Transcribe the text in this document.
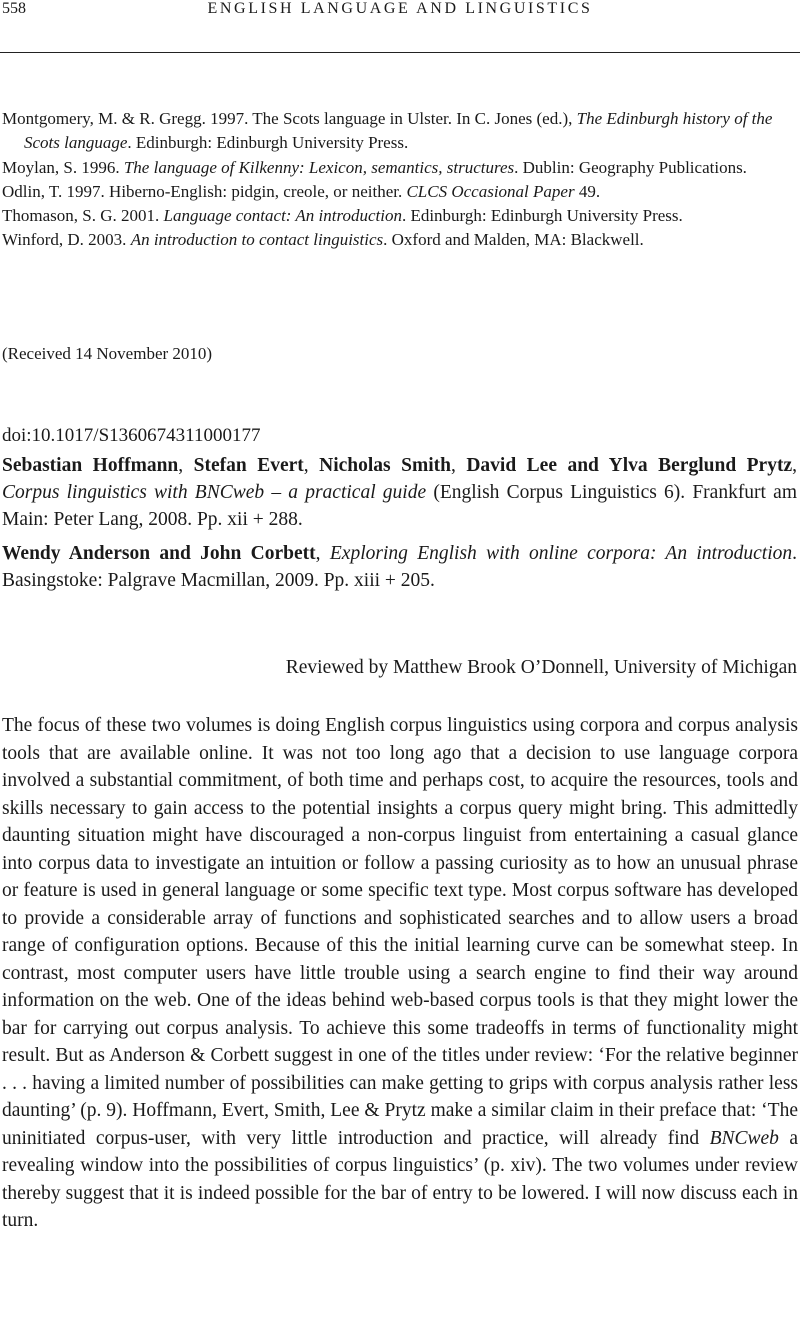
558	ENGLISH LANGUAGE AND LINGUISTICS

Montgomery, M. & R. Gregg. 1997. The Scots language in Ulster. In C. Jones (ed.), The Edinburgh history of the Scots language. Edinburgh: Edinburgh University Press.

Moylan, S. 1996. The language of Kilkenny: Lexicon, semantics, structures. Dublin: Geography Publications.

Odlin, T. 1997. Hiberno-English: pidgin, creole, or neither. CLCS Occasional Paper 49.

Thomason, S. G. 2001. Language contact: An introduction. Edinburgh: Edinburgh University Press.

Winford, D. 2003. An introduction to contact linguistics. Oxford and Malden, MA: Blackwell.

(Received 14 November 2010)
doi:10.1017/S1360674311000177
Sebastian Hoffmann, Stefan Evert, Nicholas Smith, David Lee and Ylva Berglund Prytz, Corpus linguistics with BNCweb – a practical guide (English Corpus Linguistics 6). Frankfurt am Main: Peter Lang, 2008. Pp. xii + 288.
Wendy Anderson and John Corbett, Exploring English with online corpora: An introduction. Basingstoke: Palgrave Macmillan, 2009. Pp. xiii + 205.
Reviewed by Matthew Brook O’Donnell, University of Michigan

The focus of these two volumes is doing English corpus linguistics using corpora and corpus analysis tools that are available online. It was not too long ago that a decision to use language corpora involved a substantial commitment, of both time and perhaps cost, to acquire the resources, tools and skills necessary to gain access to the potential insights a corpus query might bring. This admittedly daunting situation might have discouraged a non-corpus linguist from entertaining a casual glance into corpus data to investigate an intuition or follow a passing curiosity as to how an unusual phrase or feature is used in general language or some specific text type. Most corpus software has developed to provide a considerable array of functions and sophisticated searches and to allow users a broad range of configuration options. Because of this the initial learning curve can be somewhat steep. In contrast, most computer users have little trouble using a search engine to find their way around information on the web. One of the ideas behind web-based corpus tools is that they might lower the bar for carrying out corpus analysis. To achieve this some tradeoffs in terms of functionality might result. But as Anderson & Corbett suggest in one of the titles under review: ‘For the relative beginner . . . having a limited number of possibilities can make getting to grips with corpus analysis rather less daunting’ (p. 9). Hoffmann, Evert, Smith, Lee & Prytz make a similar claim in their preface that: ‘The uninitiated corpus-user, with very little introduction and practice, will already find BNCweb a revealing window into the possibilities of corpus linguistics’ (p. xiv). The two volumes under review thereby suggest that it is indeed possible for the bar of entry to be lowered. I will now discuss each in turn.
